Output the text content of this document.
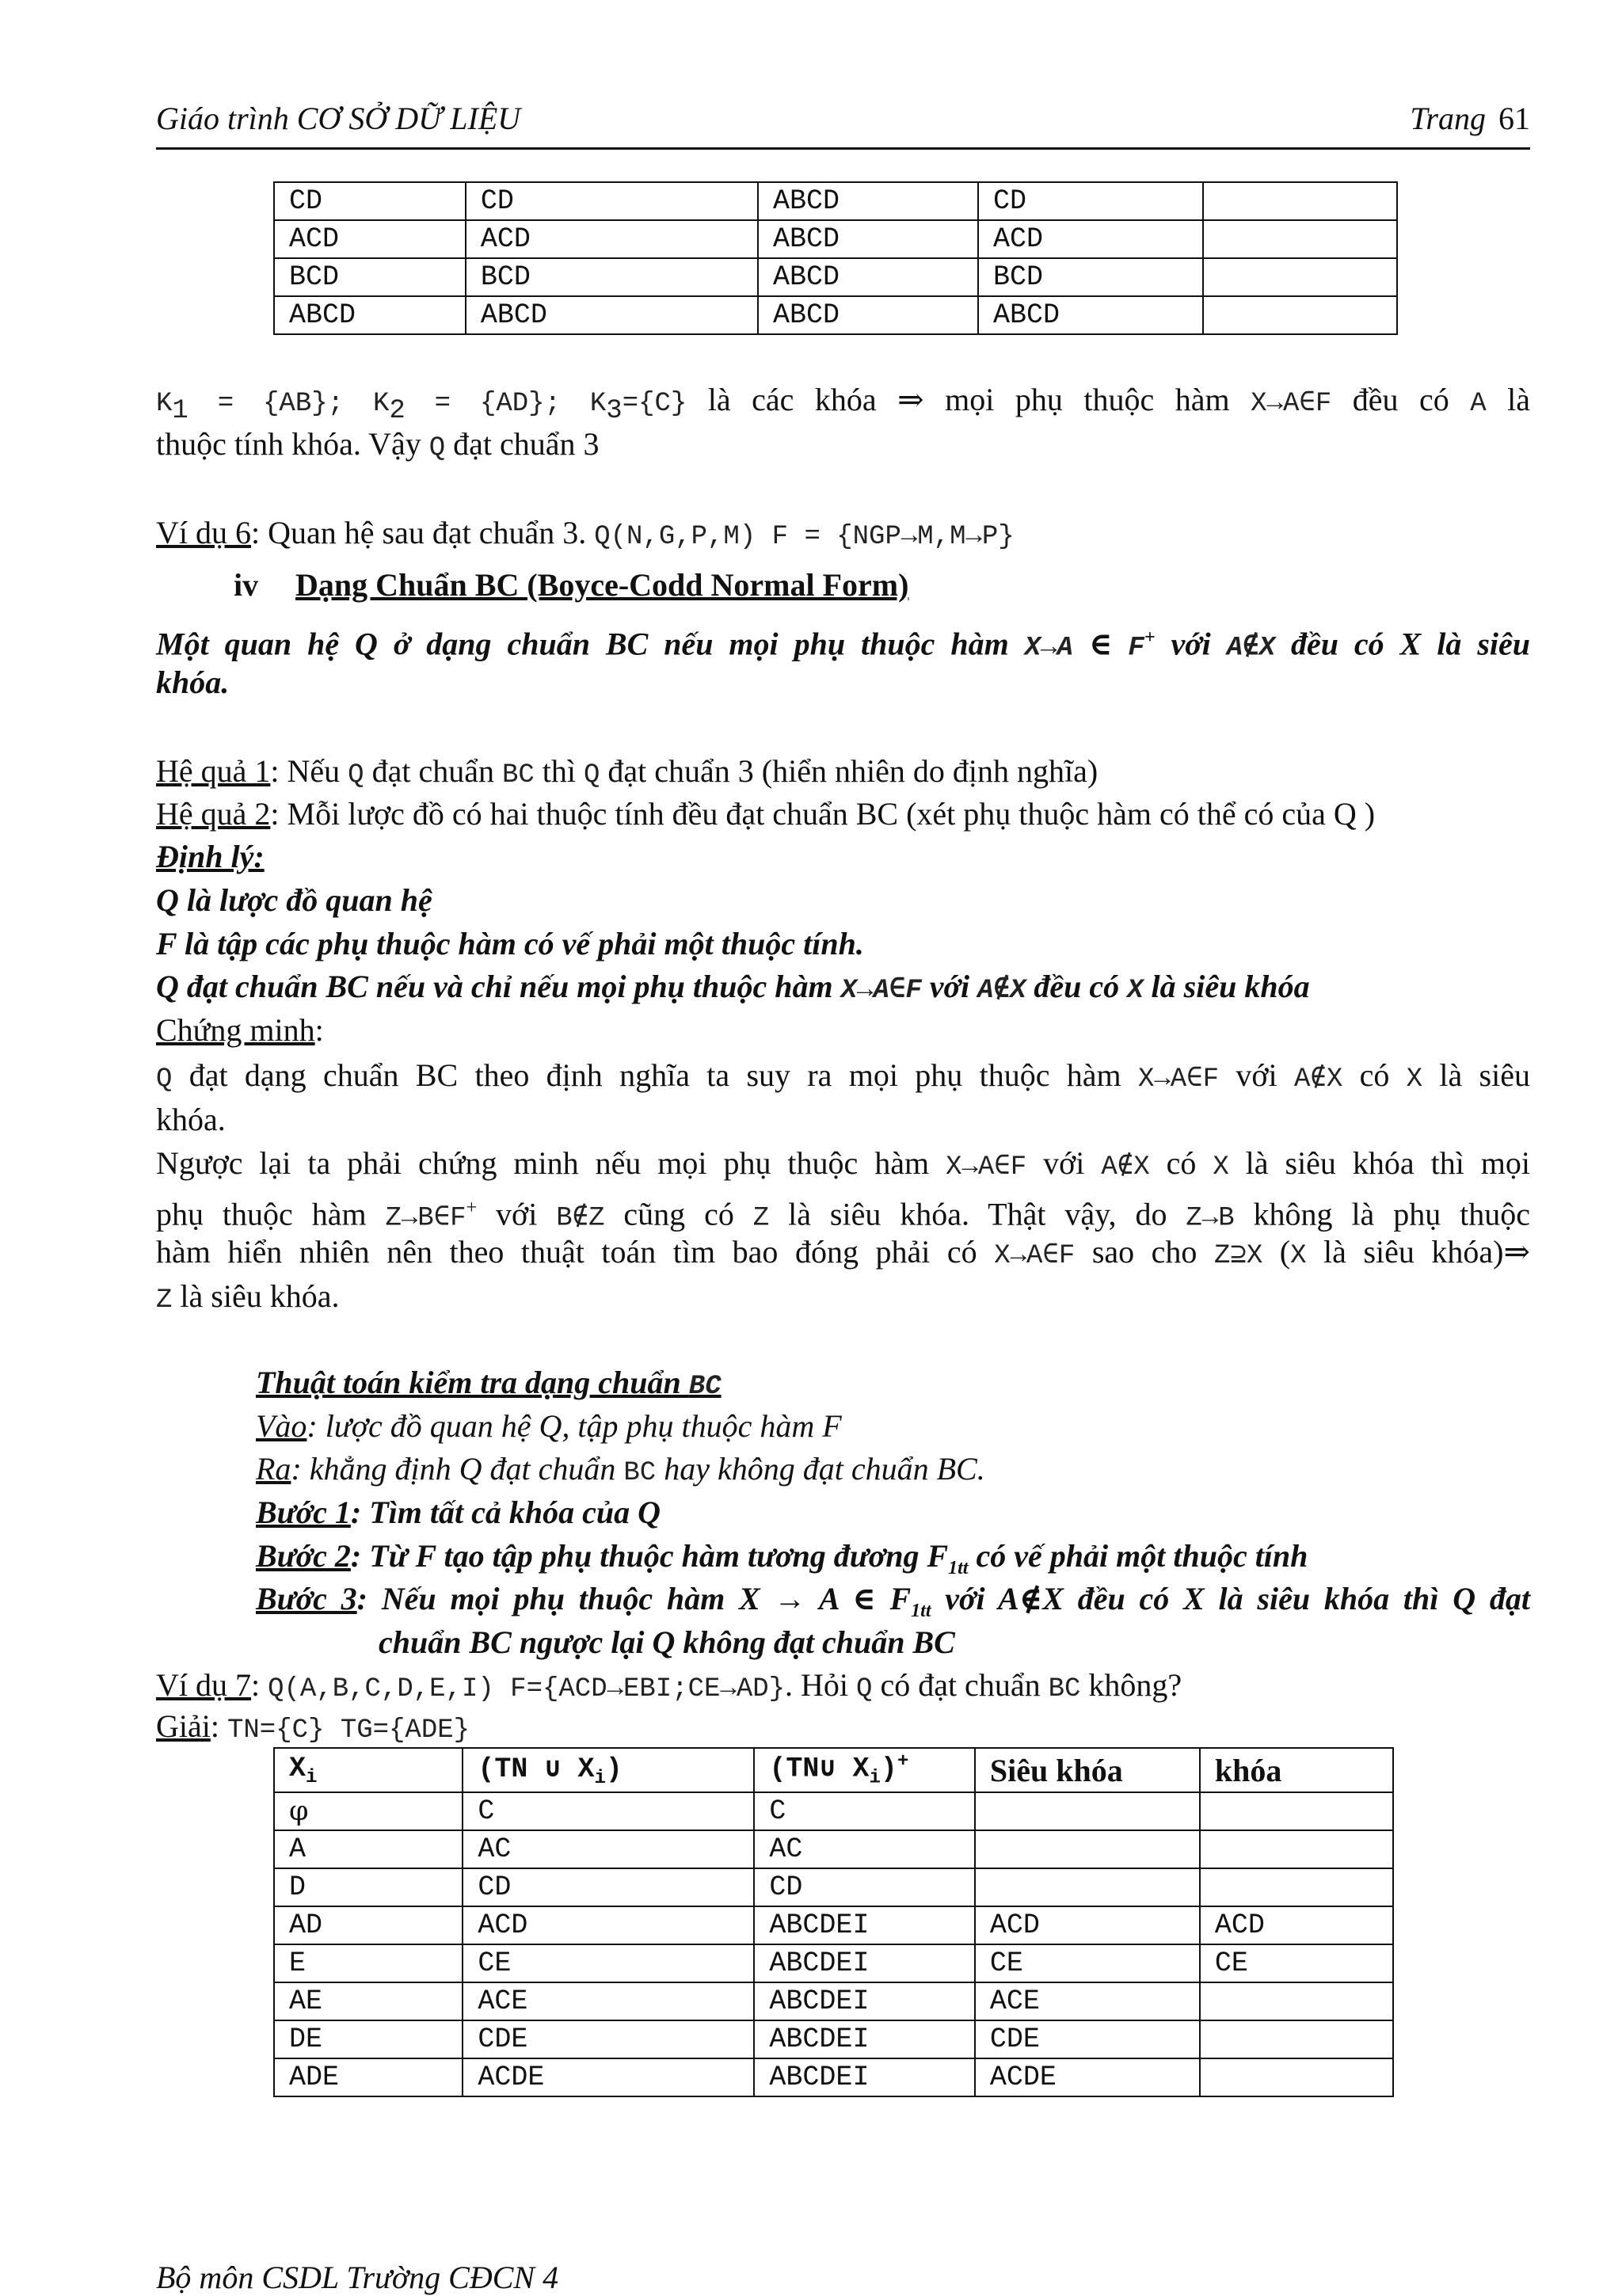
Giáo trình CƠ SỞ DỮ LIỆU	Trang 61
CD	CD	ABCD	CD	
ACD	ACD	ABCD	ACD	
BCD	BCD	ABCD	BCD	
ABCD	ABCD	ABCD	ABCD	
$K_1 = \{AB\}$; $K_2 = \{AD\}$; $K_3=\{C\}$ là các khóa ⇒ mọi phụ thuộc hàm X→A∈F đều có A là
thuộc tính khóa. Vậy Q đạt chuẩn 3
Ví dụ 6: Quan hệ sau đạt chuẩn 3. Q(N,G,P,M) F = {NGP→M,M→P}
iv Dạng Chuẩn BC (Boyce-Codd Normal Form)
Một quan hệ Q ở dạng chuẩn BC nếu mọi phụ thuộc hàm X→A ∈ F+ với A∉X đều có X là siêu
khóa.
Hệ quả 1: Nếu Q đạt chuẩn BC thì Q đạt chuẩn 3 (hiển nhiên do định nghĩa)
Hệ quả 2: Mỗi lược đồ có hai thuộc tính đều đạt chuẩn BC (xét phụ thuộc hàm có thể có của Q )
Định lý:
Q là lược đồ quan hệ
F là tập các phụ thuộc hàm có vế phải một thuộc tính.
Q đạt chuẩn BC nếu và chỉ nếu mọi phụ thuộc hàm X→A∈F với A∉X đều có X là siêu khóa
Chứng minh:
Q đạt dạng chuẩn BC theo định nghĩa ta suy ra mọi phụ thuộc hàm X→A∈F với A∉X có X là siêu
khóa.
Ngược lại ta phải chứng minh nếu mọi phụ thuộc hàm X→A∈F với A∉X có X là siêu khóa thì mọi
phụ thuộc hàm Z→B∈F+ với B∉Z cũng có Z là siêu khóa. Thật vậy, do Z→B không là phụ thuộc
hàm hiển nhiên nên theo thuật toán tìm bao đóng phải có X→A∈F sao cho Z⊇X (X là siêu khóa)⇒
Z là siêu khóa.
Thuật toán kiểm tra dạng chuẩn BC
Vào: lược đồ quan hệ Q, tập phụ thuộc hàm F
Ra: khẳng định Q đạt chuẩn BC hay không đạt chuẩn BC.
Bước 1: Tìm tất cả khóa của Q
Bước 2: Từ F tạo tập phụ thuộc hàm tương đương $F_{1tt}$ có vế phải một thuộc tính
Bước 3: Nếu mọi phụ thuộc hàm X → A ∈ $F_{1tt}$ với A∉X đều có X là siêu khóa thì Q đạt
chuẩn BC ngược lại Q không đạt chuẩn BC
Ví dụ 7: Q(A,B,C,D,E,I) F={ACD→EBI;CE→AD}. Hỏi Q có đạt chuẩn BC không?
Giải: TN={C} TG={ADE}
$X_i$	(TN ∪ $X_i$)	(TN∪ $X_i)^+$	Siêu khóa	khóa
φ	C	C		
A	AC	AC		
D	CD	CD		
AD	ACD	ABCDEI	ACD	ACD
E	CE	ABCDEI	CE	CE
AE	ACE	ABCDEI	ACE	
DE	CDE	ABCDEI	CDE	
ADE	ACDE	ABCDEI	ACDE	
Bộ môn CSDL Trường CĐCN 4
